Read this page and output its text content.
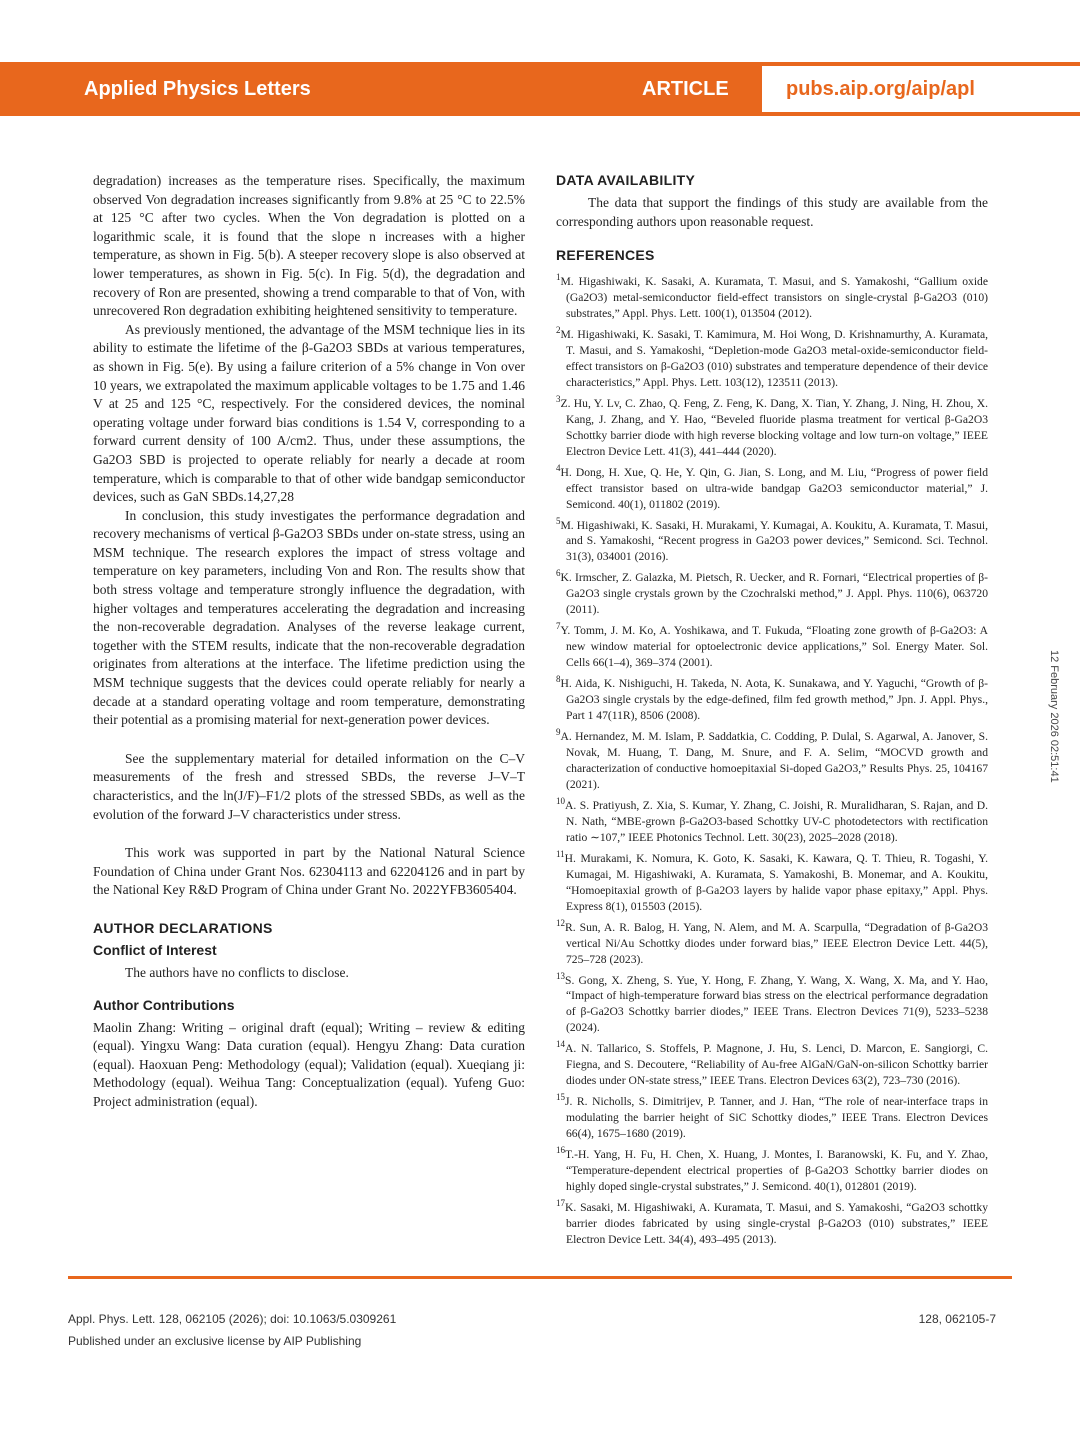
Applied Physics Letters	ARTICLE	pubs.aip.org/aip/apl

degradation) increases as the temperature rises. Specifically, the maximum observed Von degradation increases significantly from 9.8% at 25 °C to 22.5% at 125 °C after two cycles. When the Von degradation is plotted on a logarithmic scale, it is found that the slope n increases with a higher temperature, as shown in Fig. 5(b). A steeper recovery slope is also observed at lower temperatures, as shown in Fig. 5(c). In Fig. 5(d), the degradation and recovery of Ron are presented, showing a trend comparable to that of Von, with unrecovered Ron degradation exhibiting heightened sensitivity to temperature.

As previously mentioned, the advantage of the MSM technique lies in its ability to estimate the lifetime of the β-Ga2O3 SBDs at various temperatures, as shown in Fig. 5(e). By using a failure criterion of a 5% change in Von over 10 years, we extrapolated the maximum applicable voltages to be 1.75 and 1.46 V at 25 and 125 °C, respectively. For the considered devices, the nominal operating voltage under forward bias conditions is 1.54 V, corresponding to a forward current density of 100 A/cm2. Thus, under these assumptions, the Ga2O3 SBD is projected to operate reliably for nearly a decade at room temperature, which is comparable to that of other wide bandgap semiconductor devices, such as GaN SBDs.14,27,28

In conclusion, this study investigates the performance degradation and recovery mechanisms of vertical β-Ga2O3 SBDs under on-state stress, using an MSM technique. The research explores the impact of stress voltage and temperature on key parameters, including Von and Ron. The results show that both stress voltage and temperature strongly influence the degradation, with higher voltages and temperatures accelerating the degradation and increasing the non-recoverable degradation. Analyses of the reverse leakage current, together with the STEM results, indicate that the non-recoverable degradation originates from alterations at the interface. The lifetime prediction using the MSM technique suggests that the devices could operate reliably for nearly a decade at a standard operating voltage and room temperature, demonstrating their potential as a promising material for next-generation power devices.

See the supplementary material for detailed information on the C–V measurements of the fresh and stressed SBDs, the reverse J–V–T characteristics, and the ln(J/F)–F1/2 plots of the stressed SBDs, as well as the evolution of the forward J–V characteristics under stress.

This work was supported in part by the National Natural Science Foundation of China under Grant Nos. 62304113 and 62204126 and in part by the National Key R&D Program of China under Grant No. 2022YFB3605404.

AUTHOR DECLARATIONS
Conflict of Interest

The authors have no conflicts to disclose.

Author Contributions

Maolin Zhang: Writing – original draft (equal); Writing – review & editing (equal). Yingxu Wang: Data curation (equal). Hengyu Zhang: Data curation (equal). Haoxuan Peng: Methodology (equal); Validation (equal). Xueqiang ji: Methodology (equal). Weihua Tang: Conceptualization (equal). Yufeng Guo: Project administration (equal).

DATA AVAILABILITY

The data that support the findings of this study are available from the corresponding authors upon reasonable request.

REFERENCES

$^1$M. Higashiwaki, K. Sasaki, A. Kuramata, T. Masui, and S. Yamakoshi, “Gallium oxide (Ga2O3) metal-semiconductor field-effect transistors on single-crystal β-Ga2O3 (010) substrates,” Appl. Phys. Lett. 100(1), 013504 (2012).

$^2$M. Higashiwaki, K. Sasaki, T. Kamimura, M. Hoi Wong, D. Krishnamurthy, A. Kuramata, T. Masui, and S. Yamakoshi, “Depletion-mode Ga2O3 metal-oxide-semiconductor field-effect transistors on β-Ga2O3 (010) substrates and temperature dependence of their device characteristics,” Appl. Phys. Lett. 103(12), 123511 (2013).

$^3$Z. Hu, Y. Lv, C. Zhao, Q. Feng, Z. Feng, K. Dang, X. Tian, Y. Zhang, J. Ning, H. Zhou, X. Kang, J. Zhang, and Y. Hao, “Beveled fluoride plasma treatment for vertical β-Ga2O3 Schottky barrier diode with high reverse blocking voltage and low turn-on voltage,” IEEE Electron Device Lett. 41(3), 441–444 (2020).

$^4$H. Dong, H. Xue, Q. He, Y. Qin, G. Jian, S. Long, and M. Liu, “Progress of power field effect transistor based on ultra-wide bandgap Ga2O3 semiconductor material,” J. Semicond. 40(1), 011802 (2019).

$^5$M. Higashiwaki, K. Sasaki, H. Murakami, Y. Kumagai, A. Koukitu, A. Kuramata, T. Masui, and S. Yamakoshi, “Recent progress in Ga2O3 power devices,” Semicond. Sci. Technol. 31(3), 034001 (2016).

$^6$K. Irmscher, Z. Galazka, M. Pietsch, R. Uecker, and R. Fornari, “Electrical properties of β-Ga2O3 single crystals grown by the Czochralski method,” J. Appl. Phys. 110(6), 063720 (2011).

$^7$Y. Tomm, J. M. Ko, A. Yoshikawa, and T. Fukuda, “Floating zone growth of β-Ga2O3: A new window material for optoelectronic device applications,” Sol. Energy Mater. Sol. Cells 66(1–4), 369–374 (2001).

$^8$H. Aida, K. Nishiguchi, H. Takeda, N. Aota, K. Sunakawa, and Y. Yaguchi, “Growth of β-Ga2O3 single crystals by the edge-defined, film fed growth method,” Jpn. J. Appl. Phys., Part 1 47(11R), 8506 (2008).

$^9$A. Hernandez, M. M. Islam, P. Saddatkia, C. Codding, P. Dulal, S. Agarwal, A. Janover, S. Novak, M. Huang, T. Dang, M. Snure, and F. A. Selim, “MOCVD growth and characterization of conductive homoepitaxial Si-doped Ga2O3,” Results Phys. 25, 104167 (2021).

$^{10}$A. S. Pratiyush, Z. Xia, S. Kumar, Y. Zhang, C. Joishi, R. Muralidharan, S. Rajan, and D. N. Nath, “MBE-grown β-Ga2O3-based Schottky UV-C photodetectors with rectification ratio ∼107,” IEEE Photonics Technol. Lett. 30(23), 2025–2028 (2018).

$^{11}$H. Murakami, K. Nomura, K. Goto, K. Sasaki, K. Kawara, Q. T. Thieu, R. Togashi, Y. Kumagai, M. Higashiwaki, A. Kuramata, S. Yamakoshi, B. Monemar, and A. Koukitu, “Homoepitaxial growth of β-Ga2O3 layers by halide vapor phase epitaxy,” Appl. Phys. Express 8(1), 015503 (2015).

$^{12}$R. Sun, A. R. Balog, H. Yang, N. Alem, and M. A. Scarpulla, “Degradation of β-Ga2O3 vertical Ni/Au Schottky diodes under forward bias,” IEEE Electron Device Lett. 44(5), 725–728 (2023).

$^{13}$S. Gong, X. Zheng, S. Yue, Y. Hong, F. Zhang, Y. Wang, X. Wang, X. Ma, and Y. Hao, “Impact of high-temperature forward bias stress on the electrical performance degradation of β-Ga2O3 Schottky barrier diodes,” IEEE Trans. Electron Devices 71(9), 5233–5238 (2024).

$^{14}$A. N. Tallarico, S. Stoffels, P. Magnone, J. Hu, S. Lenci, D. Marcon, E. Sangiorgi, C. Fiegna, and S. Decoutere, “Reliability of Au-free AlGaN/GaN-on-silicon Schottky barrier diodes under ON-state stress,” IEEE Trans. Electron Devices 63(2), 723–730 (2016).

$^{15}$J. R. Nicholls, S. Dimitrijev, P. Tanner, and J. Han, “The role of near-interface traps in modulating the barrier height of SiC Schottky diodes,” IEEE Trans. Electron Devices 66(4), 1675–1680 (2019).

$^{16}$T.-H. Yang, H. Fu, H. Chen, X. Huang, J. Montes, I. Baranowski, K. Fu, and Y. Zhao, “Temperature-dependent electrical properties of β-Ga2O3 Schottky barrier diodes on highly doped single-crystal substrates,” J. Semicond. 40(1), 012801 (2019).

$^{17}$K. Sasaki, M. Higashiwaki, A. Kuramata, T. Masui, and S. Yamakoshi, “Ga2O3 schottky barrier diodes fabricated by using single-crystal β-Ga2O3 (010) substrates,” IEEE Electron Device Lett. 34(4), 493–495 (2013).

12 February 2026 02:51:41
Appl. Phys. Lett. 128, 062105 (2026); doi: 10.1063/5.0309261
Published under an exclusive license by AIP Publishing
128, 062105-7
